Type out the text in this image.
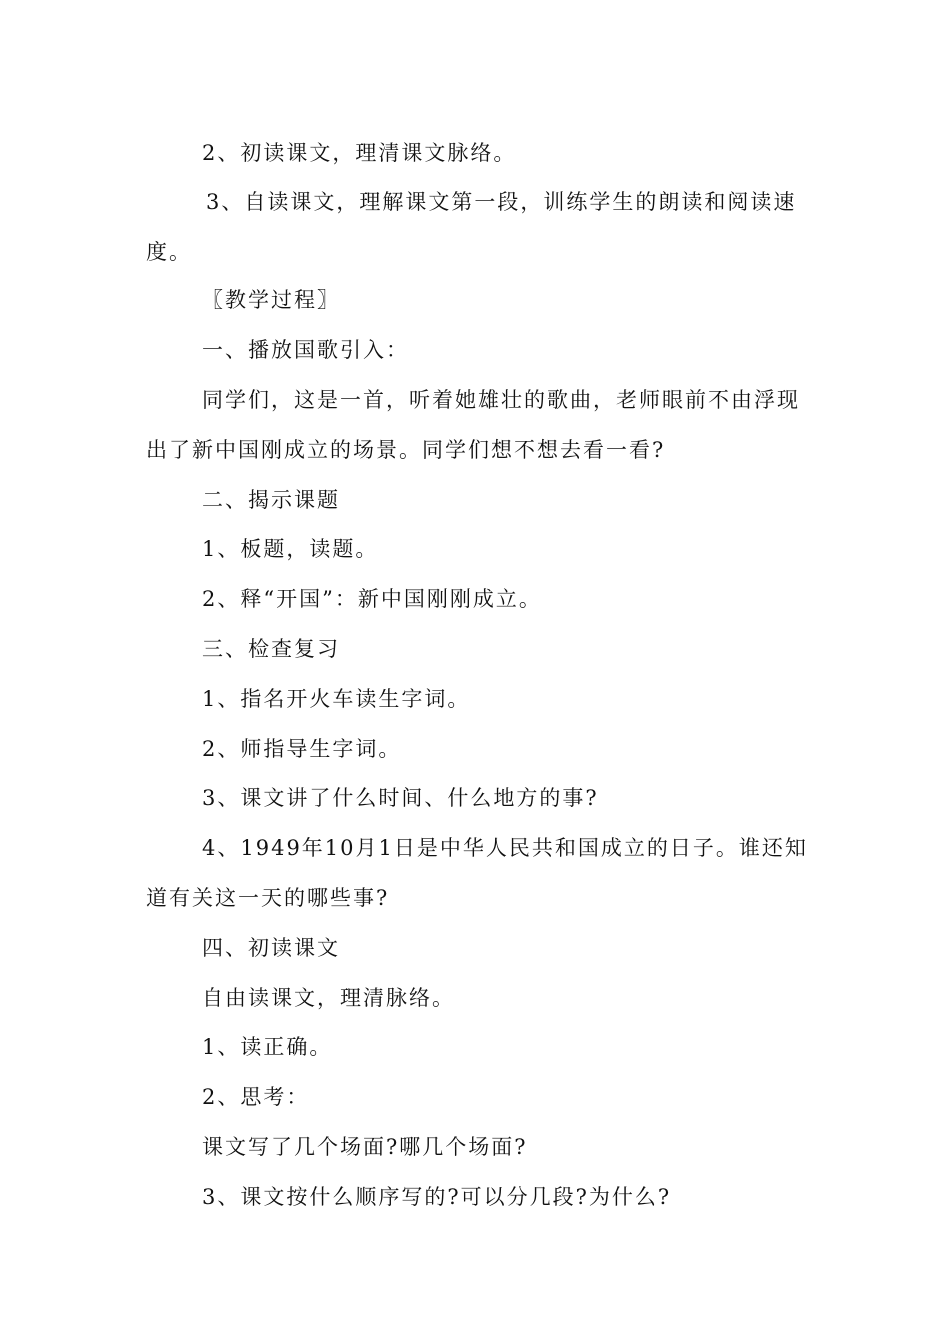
2、初读课文，理清课文脉络。

3、自读课文，理解课文第一段，训练学生的朗读和阅读速度。

〖教学过程〗

一、播放国歌引入：

同学们，这是一首，听着她雄壮的歌曲，老师眼前不由浮现出了新中国刚成立的场景。同学们想不想去看一看?

二、揭示课题

1、板题，读题。

2、释“开国”：新中国刚刚成立。

三、检查复习

1、指名开火车读生字词。

2、师指导生字词。

3、课文讲了什么时间、什么地方的事?

4、1949年10月1日是中华人民共和国成立的日子。谁还知道有关这一天的哪些事?

四、初读课文

自由读课文，理清脉络。

1、读正确。

2、思考：

课文写了几个场面?哪几个场面?

3、课文按什么顺序写的?可以分几段?为什么?
